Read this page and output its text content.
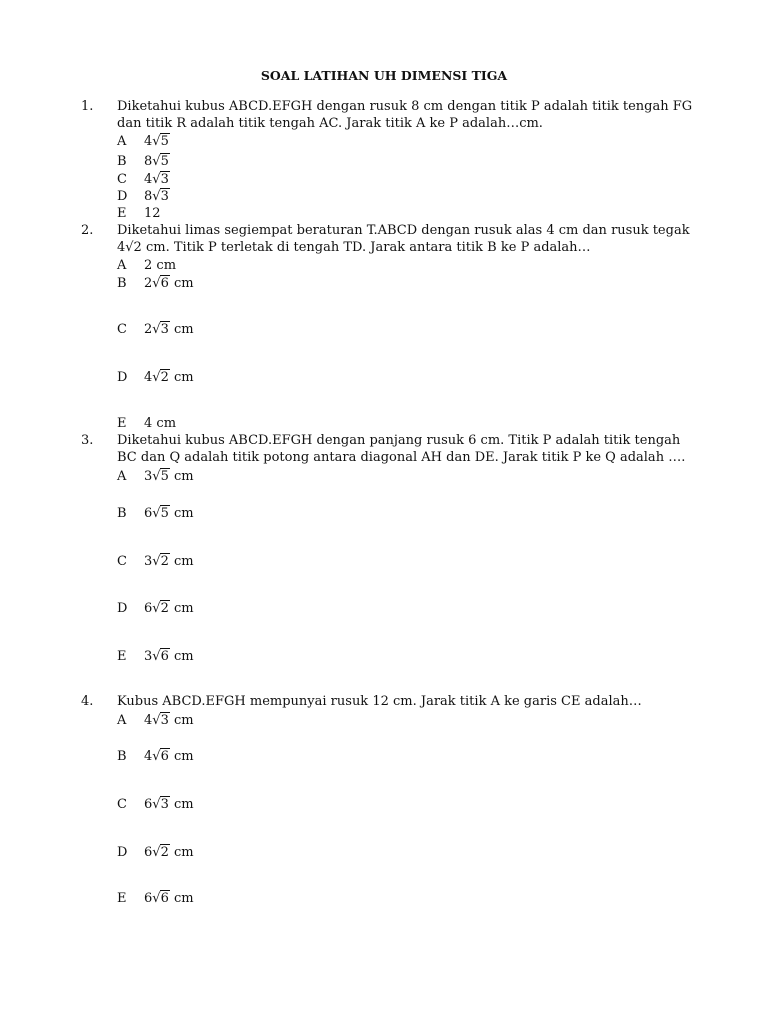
SOAL LATIHAN UH DIMENSI TIGA
1. Diketahui kubus ABCD.EFGH dengan rusuk 8 cm dengan titik P adalah titik tengah FG

dan titik R adalah titik tengah AC. Jarak titik A ke P adalah…cm.

A 4√5
B 8√5
C 4√3
D 8√3
E 12
2. Diketahui limas segiempat beraturan T.ABCD dengan rusuk alas 4 cm dan rusuk tegak

4√2 cm. Titik P terletak di tengah TD. Jarak antara titik B ke P adalah…

A 2 cm
B 2√6 cm
C 2√3 cm
D 4√2 cm
E 4 cm
3. Diketahui kubus ABCD.EFGH dengan panjang rusuk 6 cm. Titik P adalah titik tengah

BC dan Q adalah titik potong antara diagonal AH dan DE. Jarak titik P ke Q adalah ….

A 3√5 cm
B 6√5 cm
C 3√2 cm
D 6√2 cm
E 3√6 cm
4. Kubus ABCD.EFGH mempunyai rusuk 12 cm. Jarak titik A ke garis CE adalah…

A 4√3 cm
B 4√6 cm
C 6√3 cm
D 6√2 cm
E 6√6 cm
